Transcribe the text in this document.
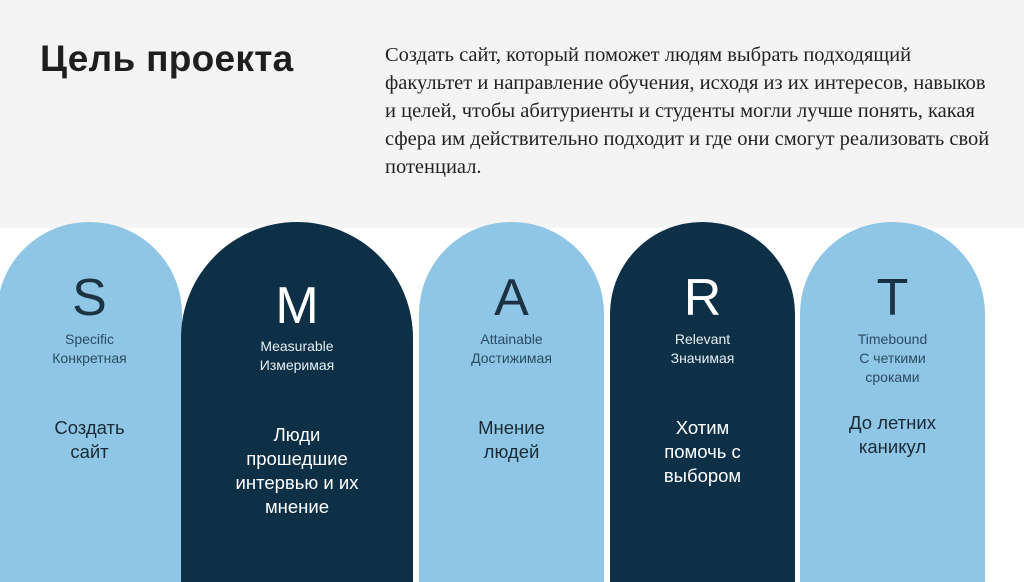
Цель проекта	Создать сайт, который поможет людям выбрать подходящий факультет и направление обучения, исходя из их интересов, навыков и целей, чтобы абитуриенты и студенты могли лучше понять, какая сфера им действительно подходит и где они смогут реализовать свой потенциал.

S
Specific
Конкретная
Создать
сайт
M
Measurable
Измеримая
Люди
прошедшие
интервью и их
мнение
A
Attainable
Достижимая
Мнение
людей
R
Relevant
Значимая
Хотим
помочь с
выбором
T
Timebound
С четкими
сроками
До летних
каникул
